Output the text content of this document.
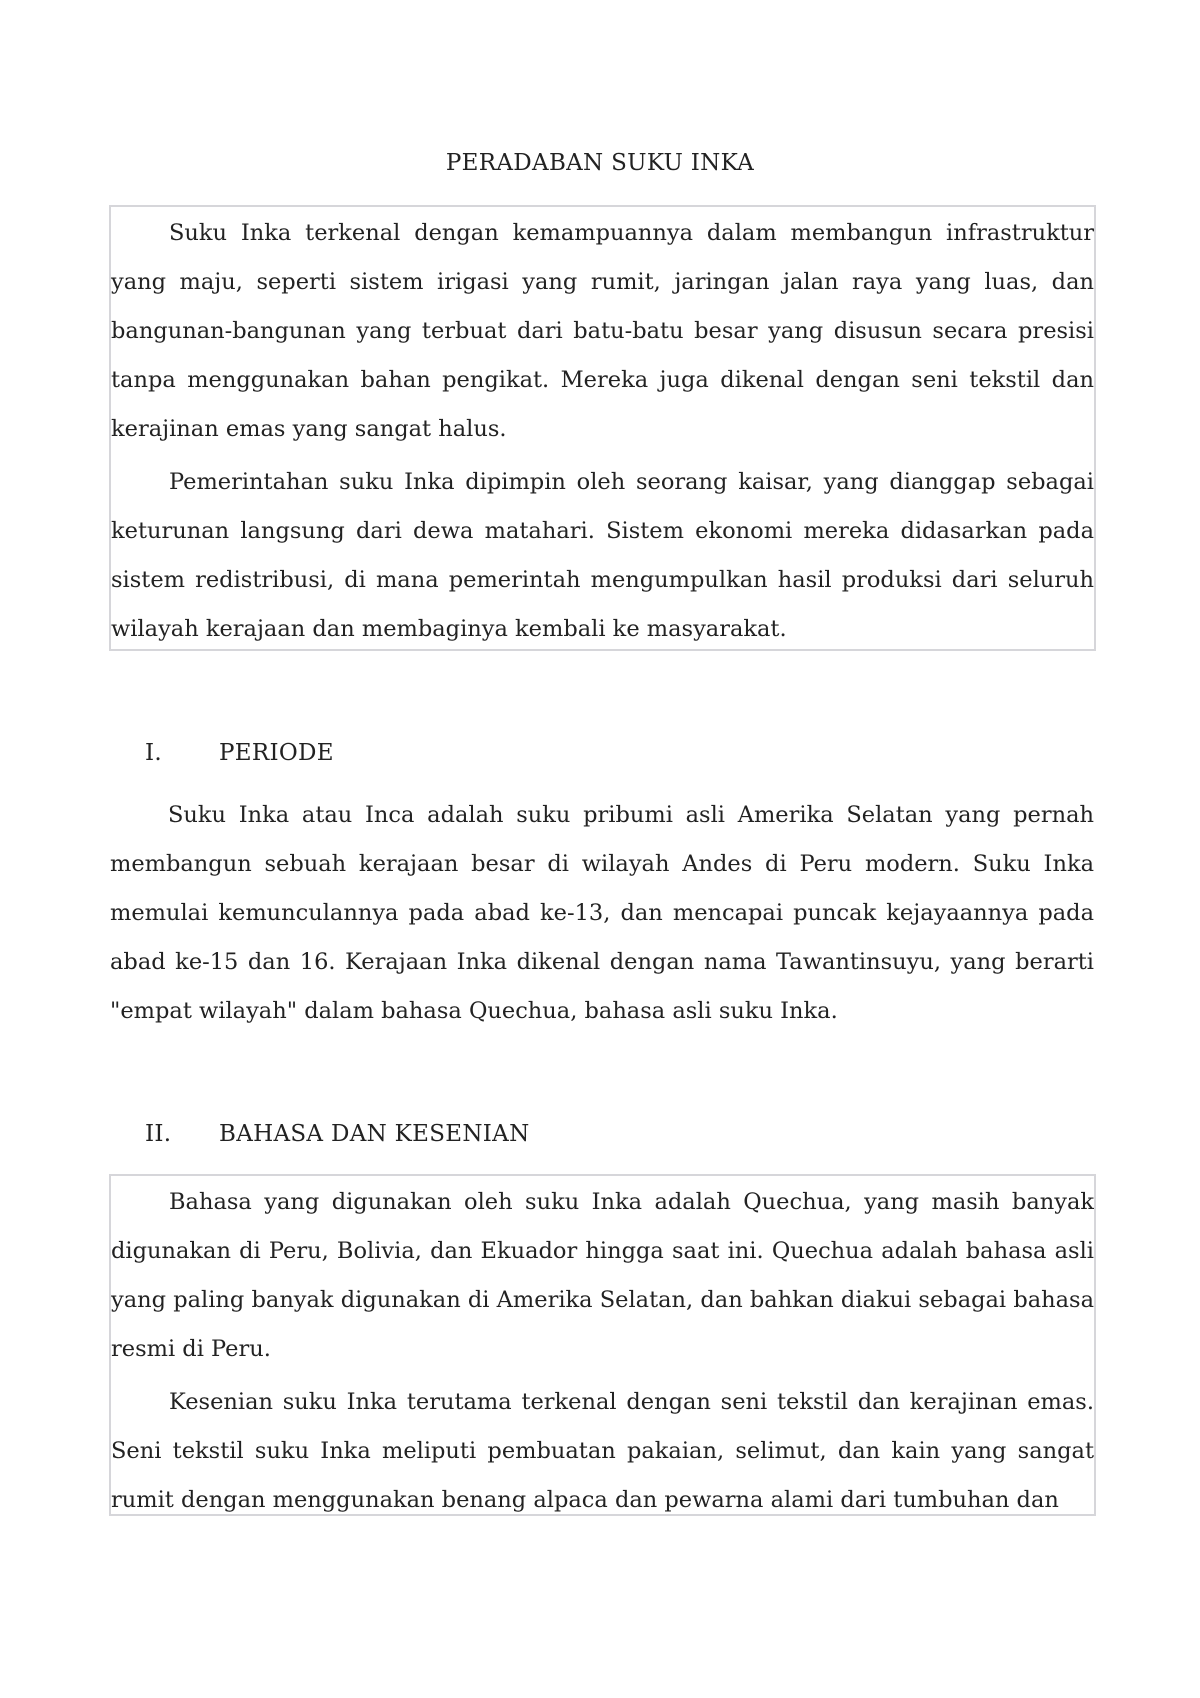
PERADABAN SUKU INKA

Suku Inka terkenal dengan kemampuannya dalam membangun infrastruktur yang maju, seperti sistem irigasi yang rumit, jaringan jalan raya yang luas, dan bangunan-bangunan yang terbuat dari batu-batu besar yang disusun secara presisi tanpa menggunakan bahan pengikat. Mereka juga dikenal dengan seni tekstil dan kerajinan emas yang sangat halus.

Pemerintahan suku Inka dipimpin oleh seorang kaisar, yang dianggap sebagai keturunan langsung dari dewa matahari. Sistem ekonomi mereka didasarkan pada sistem redistribusi, di mana pemerintah mengumpulkan hasil produksi dari seluruh wilayah kerajaan dan membaginya kembali ke masyarakat.

I. PERIODE

Suku Inka atau Inca adalah suku pribumi asli Amerika Selatan yang pernah membangun sebuah kerajaan besar di wilayah Andes di Peru modern. Suku Inka memulai kemunculannya pada abad ke-13, dan mencapai puncak kejayaannya pada abad ke-15 dan 16. Kerajaan Inka dikenal dengan nama Tawantinsuyu, yang berarti "empat wilayah" dalam bahasa Quechua, bahasa asli suku Inka.

II. BAHASA DAN KESENIAN

Bahasa yang digunakan oleh suku Inka adalah Quechua, yang masih banyak digunakan di Peru, Bolivia, dan Ekuador hingga saat ini. Quechua adalah bahasa asli yang paling banyak digunakan di Amerika Selatan, dan bahkan diakui sebagai bahasa resmi di Peru.

Kesenian suku Inka terutama terkenal dengan seni tekstil dan kerajinan emas. Seni tekstil suku Inka meliputi pembuatan pakaian, selimut, dan kain yang sangat rumit dengan menggunakan benang alpaca dan pewarna alami dari tumbuhan dan
